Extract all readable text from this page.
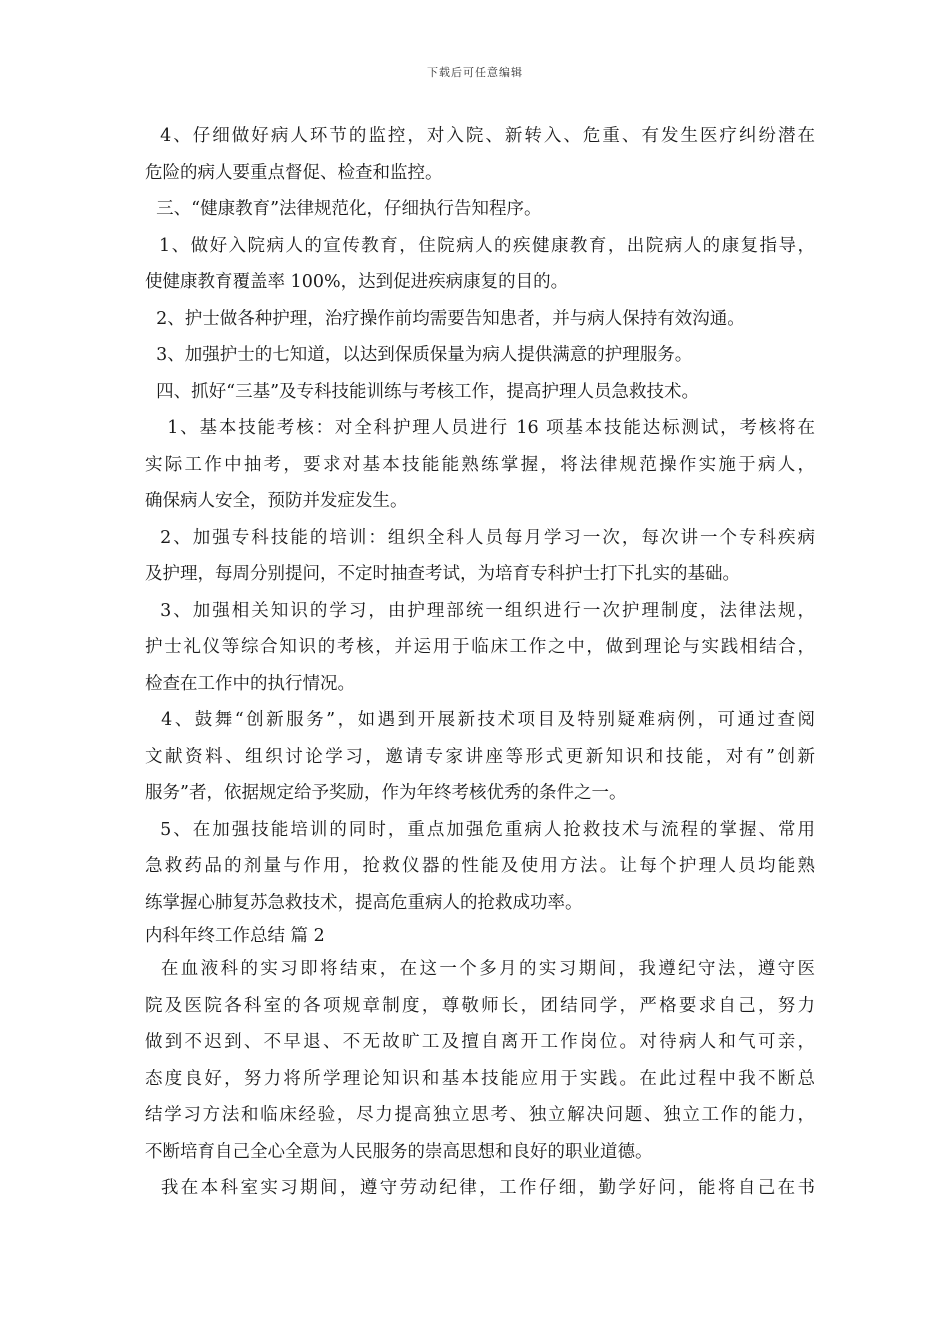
下载后可任意编辑
4、仔细做好病人环节的监控，对入院、新转入、危重、有发生医疗纠纷潜在
危险的病人要重点督促、检查和监控。
三、“健康教育”法律规范化，仔细执行告知程序。
1、做好入院病人的宣传教育，住院病人的疾健康教育，出院病人的康复指导，
使健康教育覆盖率 100%，达到促进疾病康复的目的。
2、护士做各种护理，治疗操作前均需要告知患者，并与病人保持有效沟通。
3、加强护士的七知道，以达到保质保量为病人提供满意的护理服务。
四、抓好“三基”及专科技能训练与考核工作，提高护理人员急救技术。
1、基本技能考核：对全科护理人员进行 16 项基本技能达标测试，考核将在
实际工作中抽考，要求对基本技能能熟练掌握，将法律规范操作实施于病人，
确保病人安全，预防并发症发生。
2、加强专科技能的培训：组织全科人员每月学习一次，每次讲一个专科疾病
及护理，每周分别提问，不定时抽查考试，为培育专科护士打下扎实的基础。
3、加强相关知识的学习，由护理部统一组织进行一次护理制度，法律法规，
护士礼仪等综合知识的考核，并运用于临床工作之中，做到理论与实践相结合，
检查在工作中的执行情况。
4、鼓舞“创新服务”，如遇到开展新技术项目及特别疑难病例，可通过查阅
文献资料、组织讨论学习，邀请专家讲座等形式更新知识和技能，对有”创新
服务”者，依据规定给予奖励，作为年终考核优秀的条件之一。
5、在加强技能培训的同时，重点加强危重病人抢救技术与流程的掌握、常用
急救药品的剂量与作用，抢救仪器的性能及使用方法。让每个护理人员均能熟
练掌握心肺复苏急救技术，提高危重病人的抢救成功率。
内科年终工作总结 篇 2
在血液科的实习即将结束，在这一个多月的实习期间，我遵纪守法，遵守医
院及医院各科室的各项规章制度，尊敬师长，团结同学，严格要求自己，努力
做到不迟到、不早退、不无故旷工及擅自离开工作岗位。对待病人和气可亲，
态度良好，努力将所学理论知识和基本技能应用于实践。在此过程中我不断总
结学习方法和临床经验，尽力提高独立思考、独立解决问题、独立工作的能力，
不断培育自己全心全意为人民服务的崇高思想和良好的职业道德。
我在本科室实习期间，遵守劳动纪律，工作仔细，勤学好问，能将自己在书
